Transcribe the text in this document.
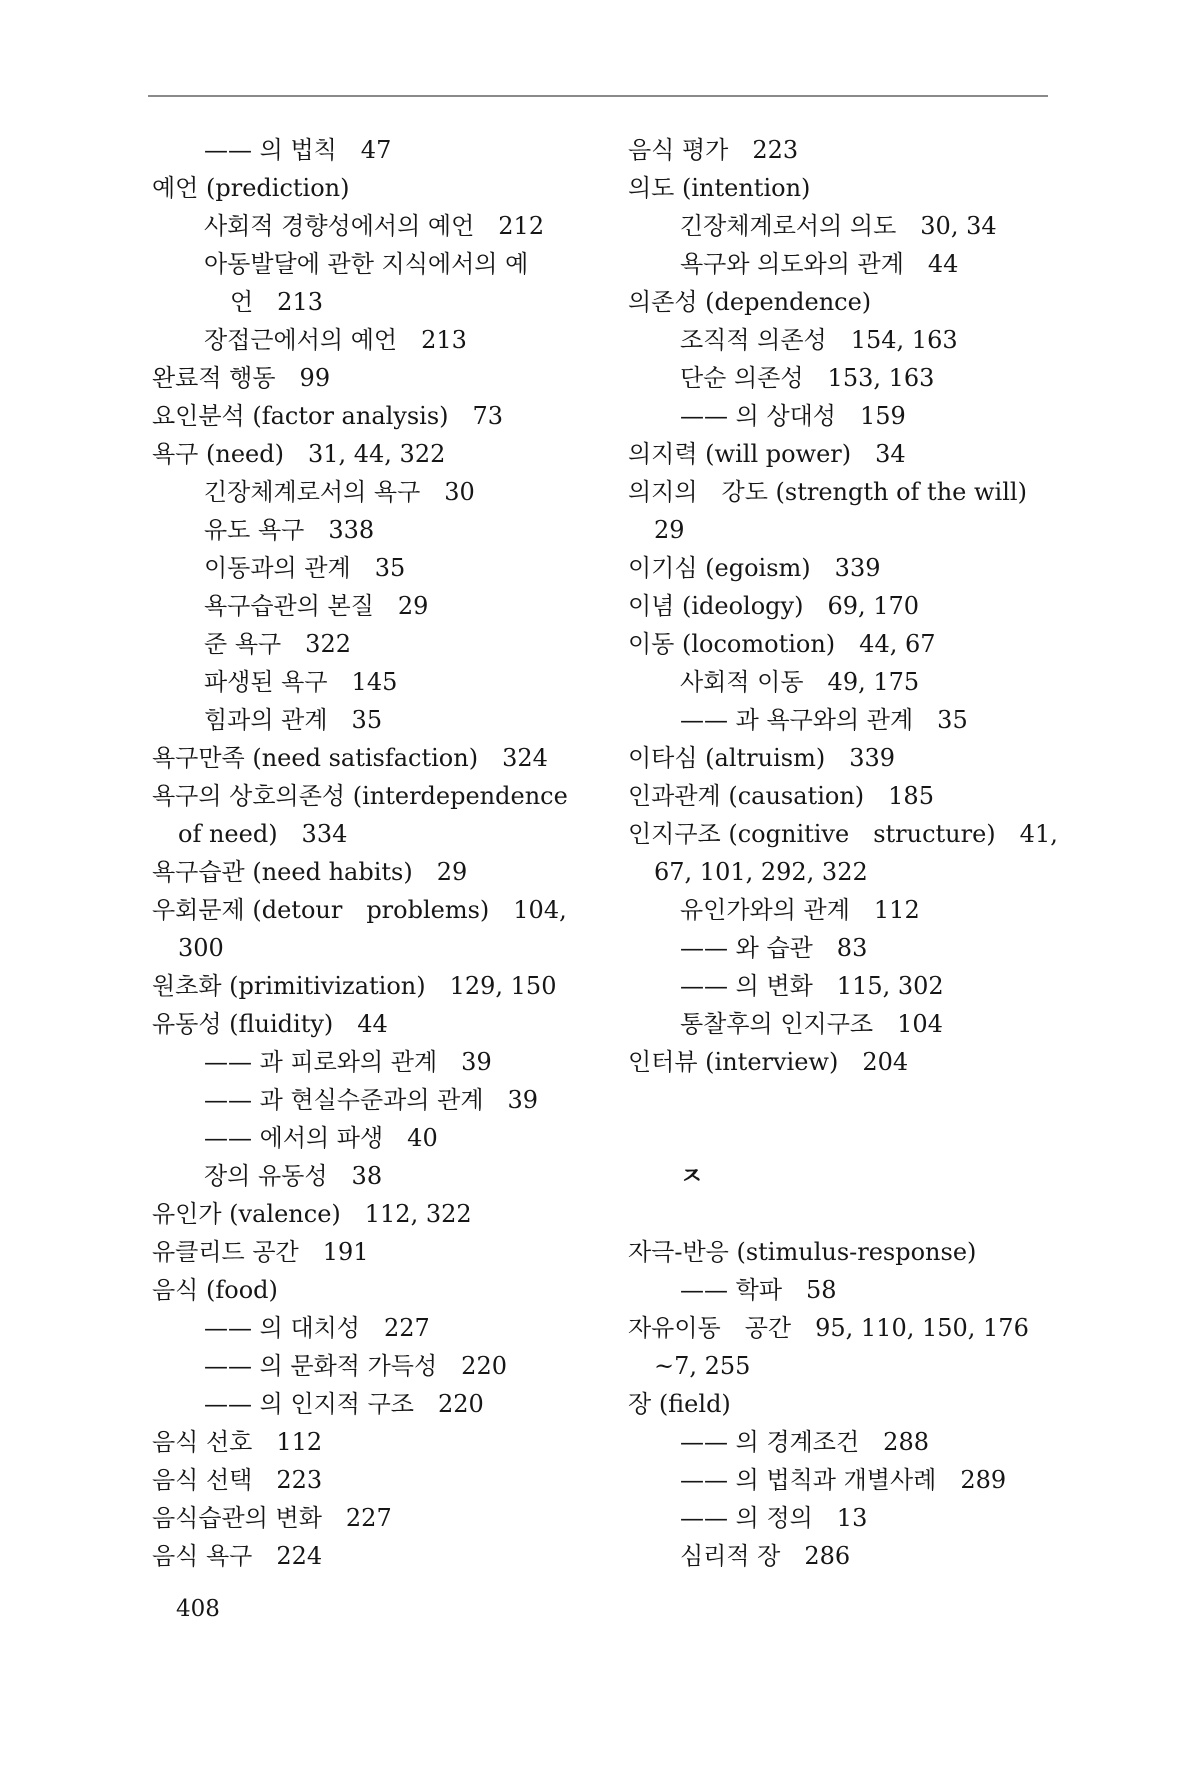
—— 의 법칙　47
예언 (prediction)
사회적 경향성에서의 예언　212
아동발달에 관한 지식에서의 예
언　213
장접근에서의 예언　213
완료적 행동　99
요인분석 (factor analysis)　73
욕구 (need)　31, 44, 322
긴장체계로서의 욕구　30
유도 욕구　338
이동과의 관계　35
욕구습관의 본질　29
준 욕구　322
파생된 욕구　145
힘과의 관계　35
욕구만족 (need satisfaction)　324
욕구의 상호의존성 (interdependence
of need)　334
욕구습관 (need habits)　29
우회문제 (detour　problems)　104,
300
원초화 (primitivization)　129, 150
유동성 (fluidity)　44
—— 과 피로와의 관계　39
—— 과 현실수준과의 관계　39
—— 에서의 파생　40
장의 유동성　38
유인가 (valence)　112, 322
유클리드 공간　191
음식 (food)
—— 의 대치성　227
—— 의 문화적 가득성　220
—— 의 인지적 구조　220
음식 선호　112
음식 선택　223
음식습관의 변화　227
음식 욕구　224
음식 평가　223
의도 (intention)
긴장체계로서의 의도　30, 34
욕구와 의도와의 관계　44
의존성 (dependence)
조직적 의존성　154, 163
단순 의존성　153, 163
—— 의 상대성　159
의지력 (will power)　34
의지의　강도 (strength of the will)
29
이기심 (egoism)　339
이념 (ideology)　69, 170
이동 (locomotion)　44, 67
사회적 이동　49, 175
—— 과 욕구와의 관계　35
이타심 (altruism)　339
인과관계 (causation)　185
인지구조 (cognitive　structure)　41,
67, 101, 292, 322
유인가와의 관계　112
—— 와 습관　83
—— 의 변화　115, 302
통찰후의 인지구조　104
인터뷰 (interview)　204
ㅈ
자극-반응 (stimulus-response)
—— 학파　58
자유이동　공간　95, 110, 150, 176
~7, 255
장 (field)
—— 의 경계조건　288
—— 의 법칙과 개별사례　289
—— 의 정의　13
심리적 장　286
408
